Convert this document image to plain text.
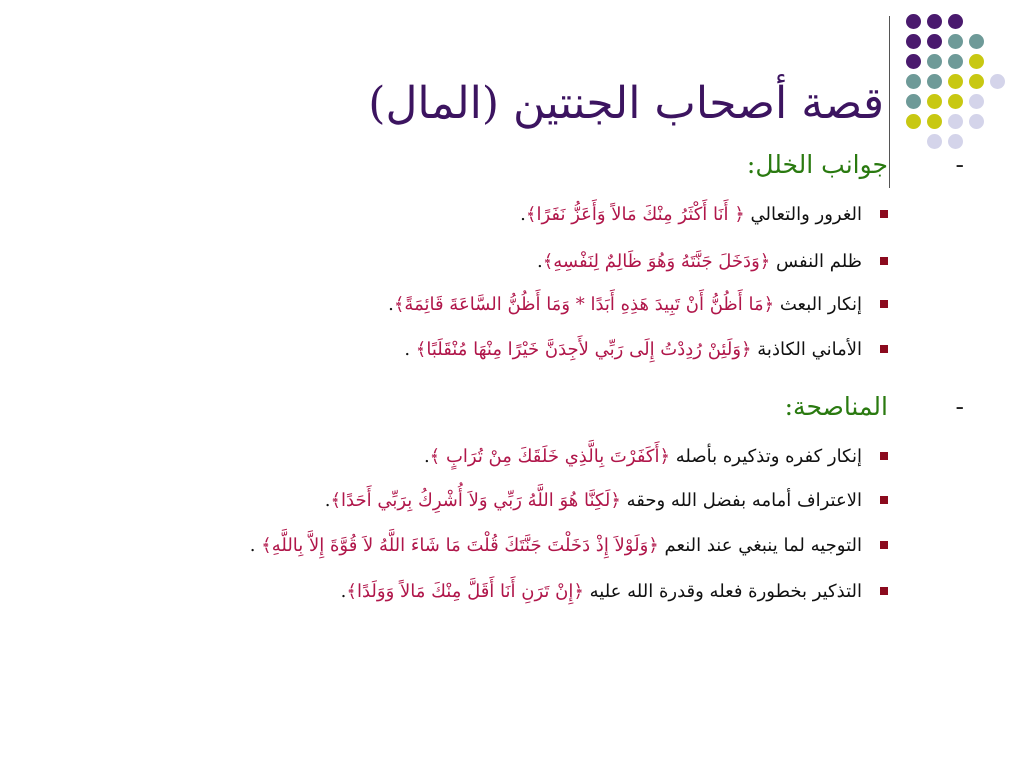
قصة أصحاب الجنتين (المال)
-
جوانب الخلل:
الغرور والتعالي ﴿ أَنَا أَكْثَرُ مِنْكَ مَالاً وَأَعَزُّ نَفَرًا﴾.
ظلم النفس ﴿وَدَخَلَ جَنَّتَهُ وَهُوَ ظَالِمٌ لِنَفْسِهِ﴾.
إنكار البعث ﴿مَا أَظُنُّ أَنْ تَبِيدَ هَذِهِ أَبَدًا * وَمَا أَظُنُّ السَّاعَةَ قَائِمَةً﴾.
الأماني الكاذبة ﴿وَلَئِنْ رُدِدْتُ إِلَى رَبِّي لأَجِدَنَّ خَيْرًا مِنْهَا مُنْقَلَبًا﴾ .
-
المناصحة:
إنكار كفره وتذكيره بأصله ﴿أَكَفَرْتَ بِالَّذِي خَلَقَكَ مِنْ تُرَابٍ ﴾.
الاعتراف أمامه بفضل الله وحقه ﴿لَكِنَّا هُوَ اللَّهُ رَبِّي وَلاَ أُشْرِكُ بِرَبِّي أَحَدًا﴾.
التوجيه لما ينبغي عند النعم ﴿وَلَوْلاَ إِذْ دَخَلْتَ جَنَّتَكَ قُلْتَ مَا شَاءَ اللَّهُ لاَ قُوَّةَ إِلاَّ بِاللَّهِ﴾ .
التذكير بخطورة فعله وقدرة الله عليه ﴿إِنْ تَرَنِ أَنَا أَقَلَّ مِنْكَ مَالاً وَوَلَدًا﴾.
